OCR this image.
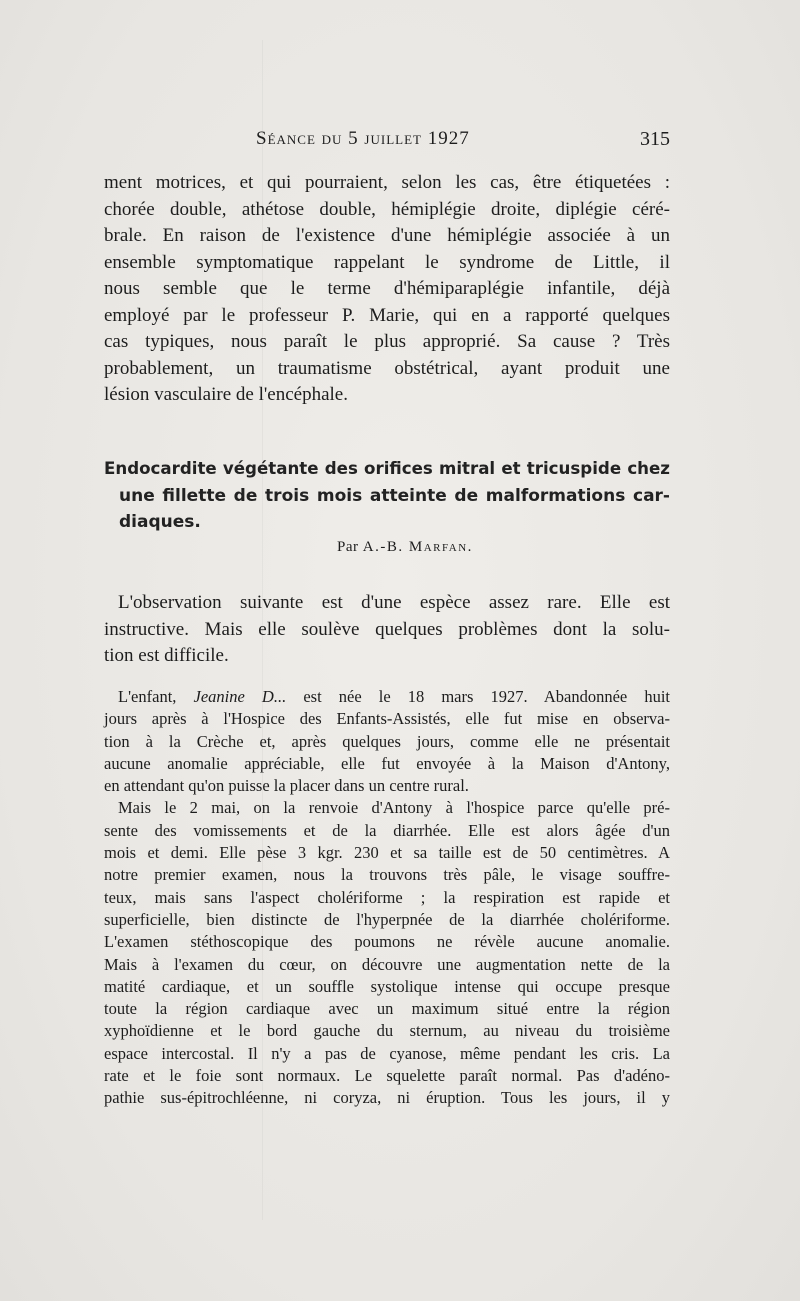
Séance du 5 juillet 1927	315
ment motrices, et qui pourraient, selon les cas, être étiquetées :
chorée double, athétose double, hémiplégie droite, diplégie céré-
brale. En raison de l'existence d'une hémiplégie associée à un
ensemble symptomatique rappelant le syndrome de Little, il
nous semble que le terme d'hémiparaplégie infantile, déjà
employé par le professeur P. Marie, qui en a rapporté quelques
cas typiques, nous paraît le plus approprié. Sa cause ? Très
probablement, un traumatisme obstétrical, ayant produit une
lésion vasculaire de l'encéphale.
Endocardite végétante des orifices mitral et tricuspide chez
une fillette de trois mois atteinte de malformations car-
diaques.
Par A.-B. Marfan.
L'observation suivante est d'une espèce assez rare. Elle est
instructive. Mais elle soulève quelques problèmes dont la solu-
tion est difficile.
L'enfant, Jeanine D... est née le 18 mars 1927. Abandonnée huit
jours après à l'Hospice des Enfants-Assistés, elle fut mise en observa-
tion à la Crèche et, après quelques jours, comme elle ne présentait
aucune anomalie appréciable, elle fut envoyée à la Maison d'Antony,
en attendant qu'on puisse la placer dans un centre rural.
Mais le 2 mai, on la renvoie d'Antony à l'hospice parce qu'elle pré-
sente des vomissements et de la diarrhée. Elle est alors âgée d'un
mois et demi. Elle pèse 3 kgr. 230 et sa taille est de 50 centimètres. A
notre premier examen, nous la trouvons très pâle, le visage souffre-
teux, mais sans l'aspect cholériforme ; la respiration est rapide et
superficielle, bien distincte de l'hyperpnée de la diarrhée cholériforme.
L'examen stéthoscopique des poumons ne révèle aucune anomalie.
Mais à l'examen du cœur, on découvre une augmentation nette de la
matité cardiaque, et un souffle systolique intense qui occupe presque
toute la région cardiaque avec un maximum situé entre la région
xyphoïdienne et le bord gauche du sternum, au niveau du troisième
espace intercostal. Il n'y a pas de cyanose, même pendant les cris. La
rate et le foie sont normaux. Le squelette paraît normal. Pas d'adéno-
pathie sus-épitrochléenne, ni coryza, ni éruption. Tous les jours, il y
